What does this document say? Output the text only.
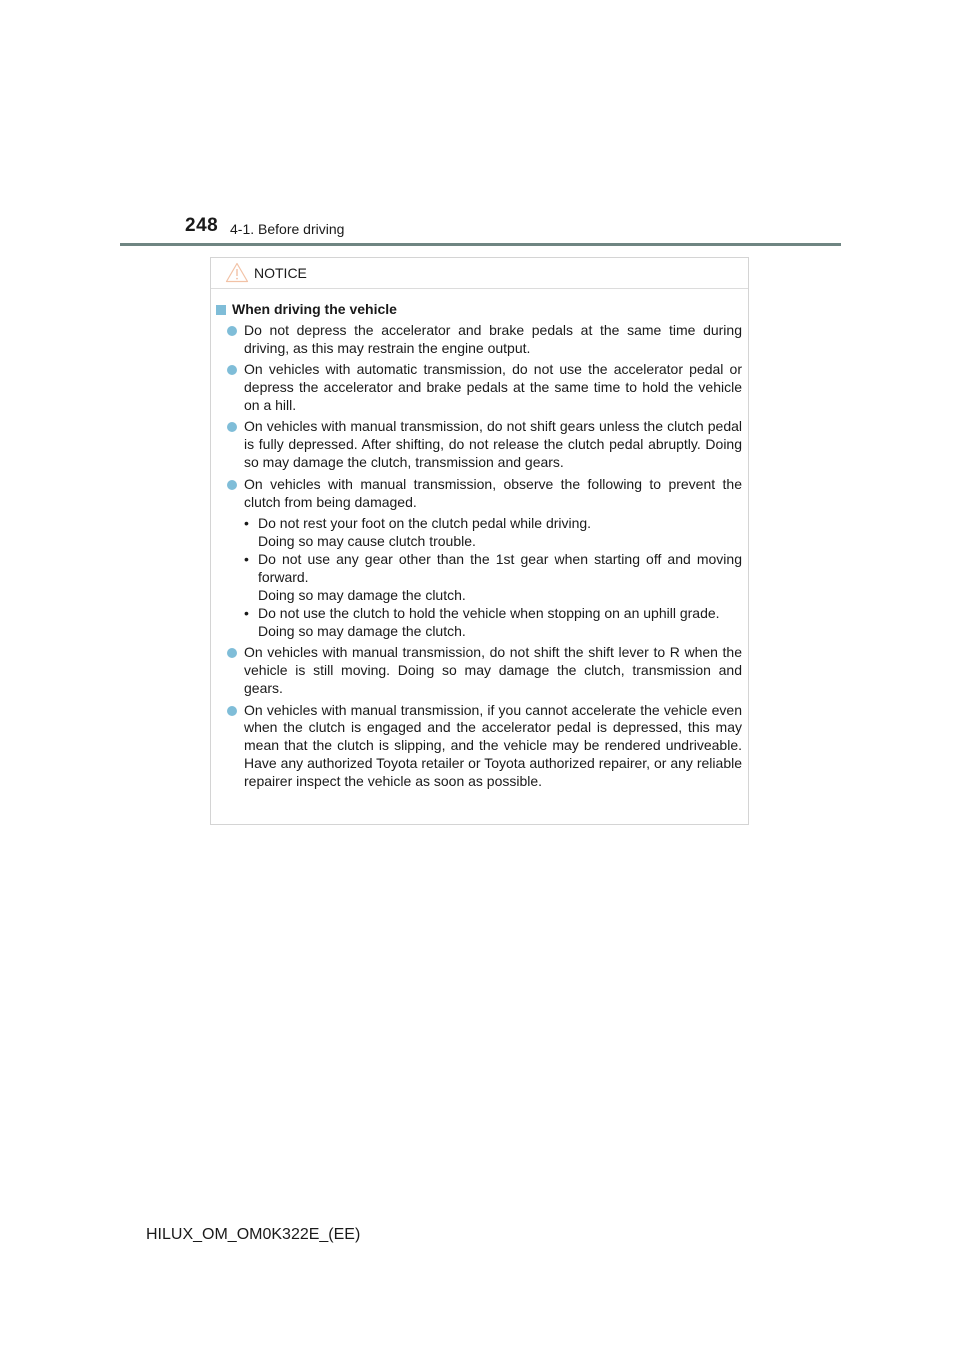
248 4-1. Before driving
NOTICE
When driving the vehicle
Do not depress the accelerator and brake pedals at the same time during driving, as this may restrain the engine output.
On vehicles with automatic transmission, do not use the accelerator pedal or depress the accelerator and brake pedals at the same time to hold the vehicle on a hill.
On vehicles with manual transmission, do not shift gears unless the clutch pedal is fully depressed. After shifting, do not release the clutch pedal abruptly. Doing so may damage the clutch, transmission and gears.
On vehicles with manual transmission, observe the following to prevent the clutch from being damaged.
• Do not rest your foot on the clutch pedal while driving.
Doing so may cause clutch trouble.
• Do not use any gear other than the 1st gear when starting off and moving forward.
Doing so may damage the clutch.
• Do not use the clutch to hold the vehicle when stopping on an uphill grade.
Doing so may damage the clutch.
On vehicles with manual transmission, do not shift the shift lever to R when the vehicle is still moving. Doing so may damage the clutch, transmission and gears.
On vehicles with manual transmission, if you cannot accelerate the vehicle even when the clutch is engaged and the accelerator pedal is depressed, this may mean that the clutch is slipping, and the vehicle may be rendered undriveable. Have any authorized Toyota retailer or Toyota authorized repairer, or any reliable repairer inspect the vehicle as soon as possible.
HILUX_OM_OM0K322E_(EE)
